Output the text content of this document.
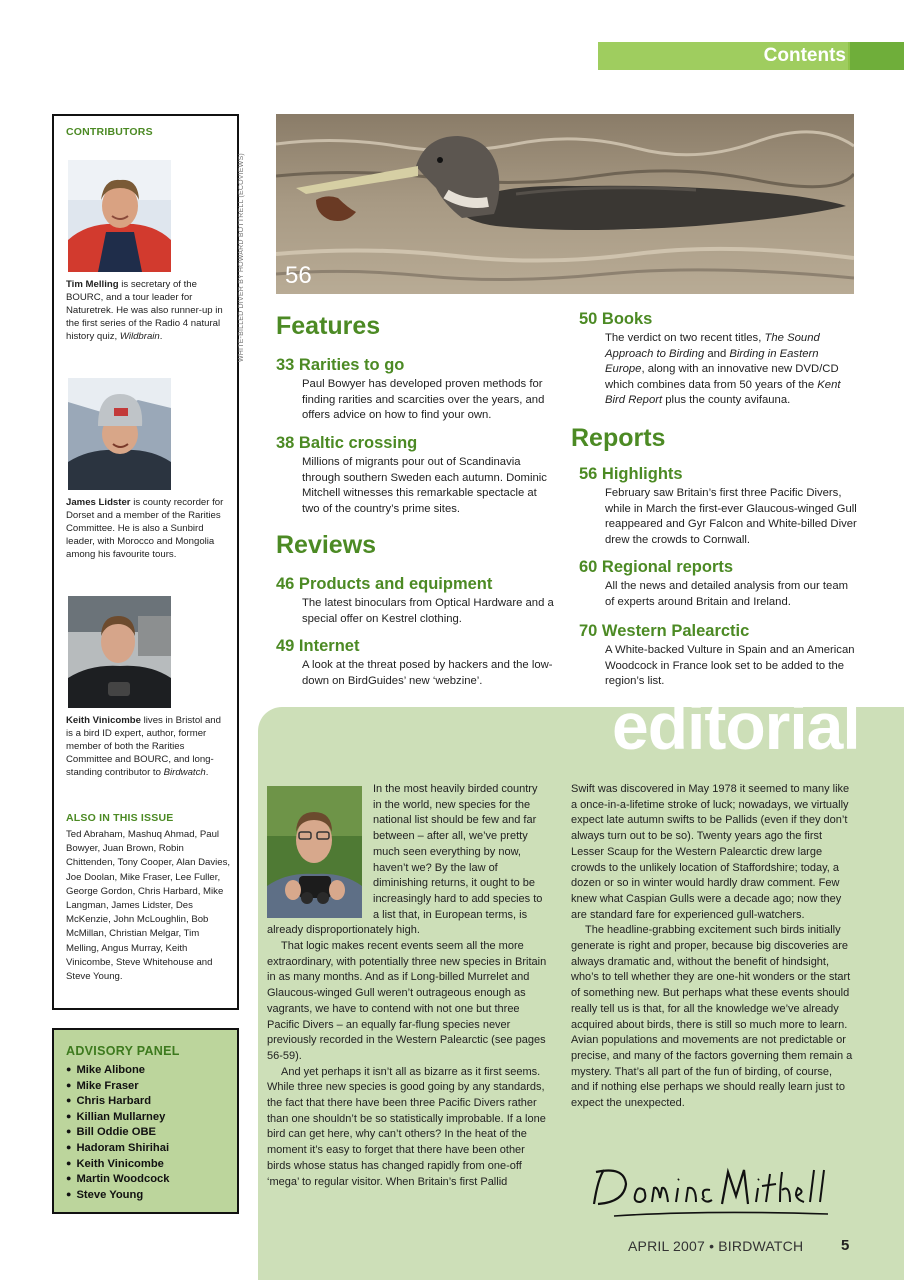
Contents
CONTRIBUTORS
Tim Melling is secretary of the BOURC, and a tour leader for Naturetrek. He was also runner-up in the first series of the Radio 4 natural history quiz, Wildbrain.
James Lidster is county recorder for Dorset and a member of the Rarities Committee. He is also a Sunbird leader, with Morocco and Mongolia among his favourite tours.
Keith Vinicombe lives in Bristol and is a bird ID expert, author, former member of both the Rarities Committee and BOURC, and long-standing contributor to Birdwatch.
ALSO IN THIS ISSUE
Ted Abraham, Mashuq Ahmad, Paul Bowyer, Juan Brown, Robin Chittenden, Tony Cooper, Alan Davies, Joe Doolan, Mike Fraser, Lee Fuller, George Gordon, Chris Harbard, Mike Langman, James Lidster, Des McKenzie, John McLoughlin, Bob McMillan, Christian Melgar, Tim Melling, Angus Murray, Keith Vinicombe, Steve Whitehouse and Steve Young.
ADVISORY PANEL
● Mike Alibone
● Mike Fraser
● Chris Harbard
● Killian Mullarney
● Bill Oddie OBE
● Hadoram Shirihai
● Keith Vinicombe
● Martin Woodcock
● Steve Young
WHITE-BILLED DIVER BY HOWARD BOTTRELL (ECOVIEWS) 56
Features
33 Rarities to go
Paul Bowyer has developed proven methods for finding rarities and scarcities over the years, and offers advice on how to find your own.
38 Baltic crossing
Millions of migrants pour out of Scandinavia through southern Sweden each autumn. Dominic Mitchell witnesses this remarkable spectacle at two of the country’s prime sites.
Reviews
46 Products and equipment
The latest binoculars from Optical Hardware and a special offer on Kestrel clothing.
49 Internet
A look at the threat posed by hackers and the low-down on BirdGuides’ new ‘webzine’.
50 Books
The verdict on two recent titles, The Sound Approach to Birding and Birding in Eastern Europe, along with an innovative new DVD/CD which combines data from 50 years of the Kent Bird Report plus the county avifauna.
Reports
56 Highlights
February saw Britain’s first three Pacific Divers, while in March the first-ever Glaucous-winged Gull reappeared and Gyr Falcon and White-billed Diver drew the crowds to Cornwall.
60 Regional reports
All the news and detailed analysis from our team of experts around Britain and Ireland.
70 Western Palearctic
A White-backed Vulture in Spain and an American Woodcock in France look set to be added to the region’s list.
editorial

In the most heavily birded country in the world, new species for the national list should be few and far between – after all, we’ve pretty much seen everything by now, haven’t we? By the law of diminishing returns, it ought to be increasingly hard to add species to a list that, in European terms, is already disproportionately high.

That logic makes recent events seem all the more extraordinary, with potentially three new species in Britain in as many months. And as if Long-billed Murrelet and Glaucous-winged Gull weren’t outrageous enough as vagrants, we have to contend with not one but three Pacific Divers – an equally far-flung species never previously recorded in the Western Palearctic (see pages 56-59).

And yet perhaps it isn’t all as bizarre as it first seems. While three new species is good going by any standards, the fact that there have been three Pacific Divers rather than one shouldn’t be so statistically improbable. If a lone bird can get here, why can’t others? In the heat of the moment it’s easy to forget that there have been other birds whose status has changed rapidly from one-off ‘mega’ to regular visitor. When Britain’s first Pallid

Swift was discovered in May 1978 it seemed to many like a once-in-a-lifetime stroke of luck; nowadays, we virtually expect late autumn swifts to be Pallids (even if they don’t always turn out to be so). Twenty years ago the first Lesser Scaup for the Western Palearctic drew large crowds to the unlikely location of Staffordshire; today, a dozen or so in winter would hardly draw comment. Few knew what Caspian Gulls were a decade ago; now they are standard fare for experienced gull-watchers.

The headline-grabbing excitement such birds initially generate is right and proper, because big discoveries are always dramatic and, without the benefit of hindsight, who’s to tell whether they are one-hit wonders or the start of something new. But perhaps what these events should really tell us is that, for all the knowledge we’ve already acquired about birds, there is still so much more to learn. Avian populations and movements are not predictable or precise, and many of the factors governing them remain a mystery. That’s all part of the fun of birding, of course, and if nothing else perhaps we should really learn just to expect the unexpected.

APRIL 2007 • BIRDWATCH	5
